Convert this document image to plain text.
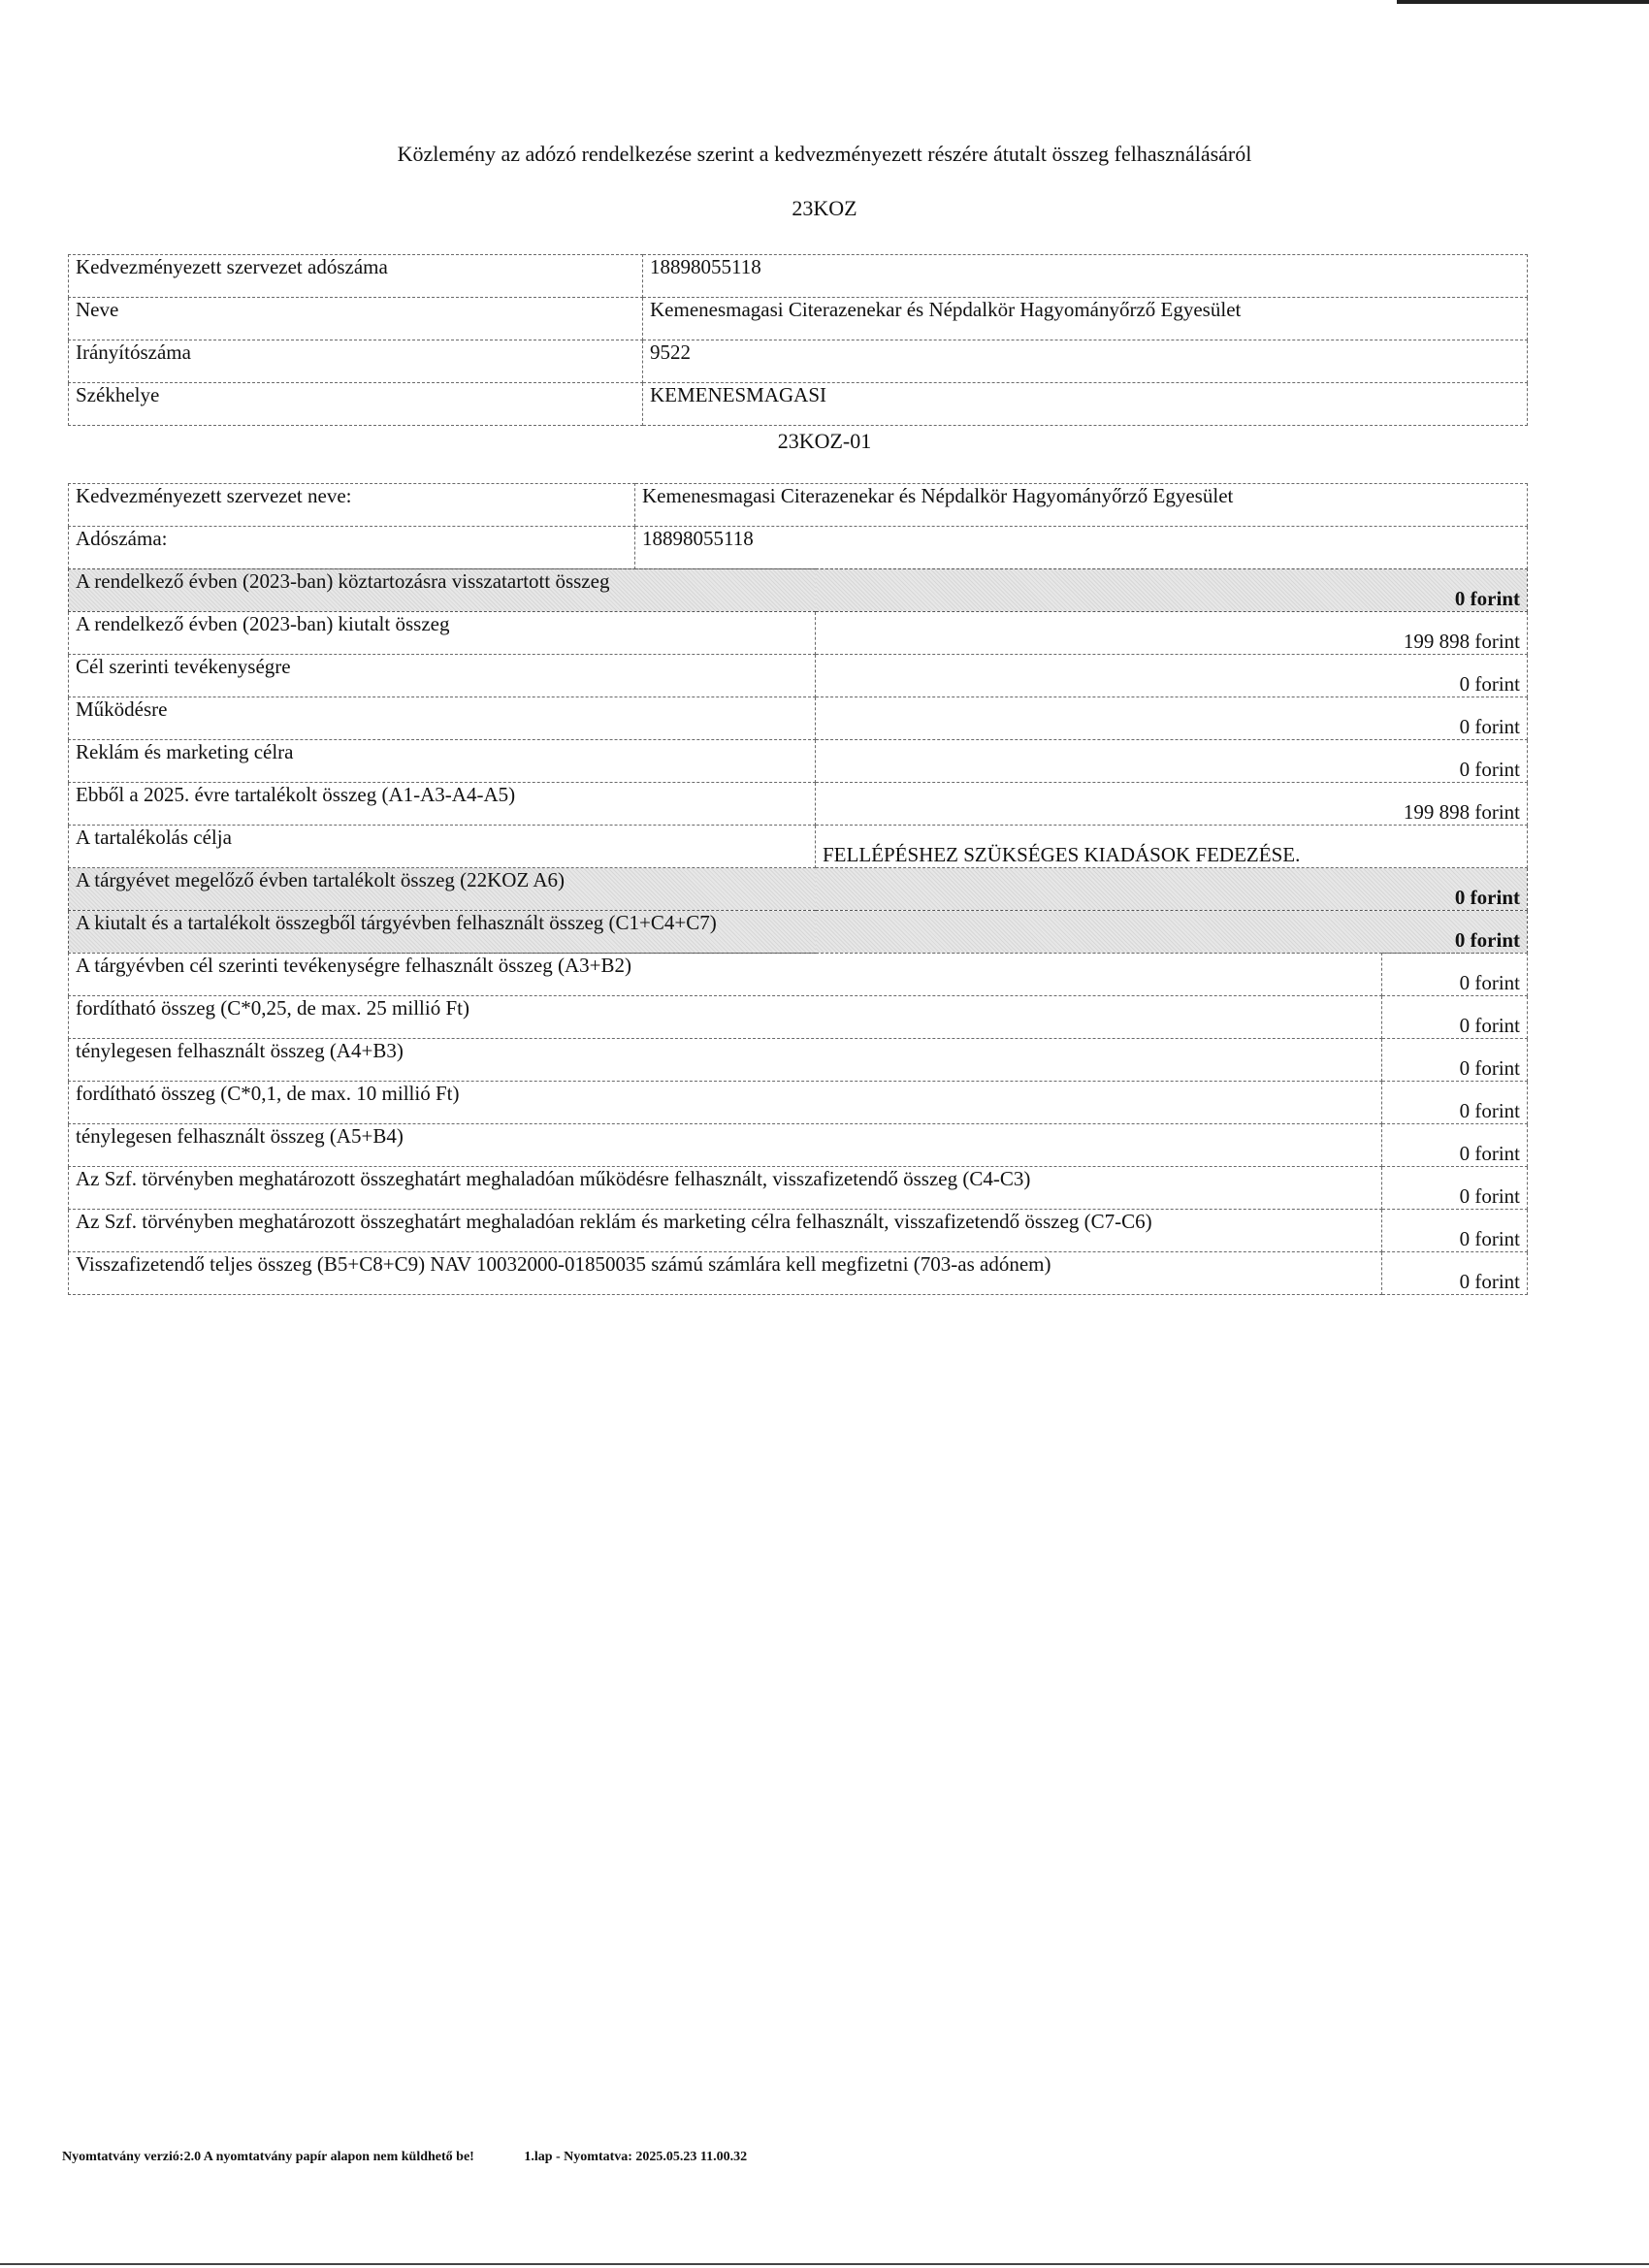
Közlemény az adózó rendelkezése szerint a kedvezményezett részére átutalt összeg felhasználásáról
23KOZ
Kedvezményezett szervezet adószáma	18898055118
Neve	Kemenesmagasi Citerazenekar és Népdalkör Hagyományőrző Egyesület
Irányítószáma	9522
Székhelye	KEMENESMAGASI
23KOZ-01
Kedvezményezett szervezet neve:	Kemenesmagasi Citerazenekar és Népdalkör Hagyományőrző Egyesület
Adószáma:	18898055118
A rendelkező évben (2023-ban) köztartozásra visszatartott összeg	0 forint
A rendelkező évben (2023-ban) kiutalt összeg	199 898 forint
Cél szerinti tevékenységre	0 forint
Működésre	0 forint
Reklám és marketing célra	0 forint
Ebből a 2025. évre tartalékolt összeg (A1-A3-A4-A5)	199 898 forint
A tartalékolás célja	FELLÉPÉSHEZ SZÜKSÉGES KIADÁSOK FEDEZÉSE.
A tárgyévet megelőző évben tartalékolt összeg (22KOZ A6)	0 forint
A kiutalt és a tartalékolt összegből tárgyévben felhasznált összeg (C1+C4+C7)	0 forint
A tárgyévben cél szerinti tevékenységre felhasznált összeg (A3+B2)	0 forint
fordítható összeg (C*0,25, de max. 25 millió Ft)	0 forint
ténylegesen felhasznált összeg (A4+B3)	0 forint
fordítható összeg (C*0,1, de max. 10 millió Ft)	0 forint
ténylegesen felhasznált összeg (A5+B4)	0 forint
Az Szf. törvényben meghatározott összeghatárt meghaladóan működésre felhasznált, visszafizetendő összeg (C4-C3)	0 forint
Az Szf. törvényben meghatározott összeghatárt meghaladóan reklám és marketing célra felhasznált, visszafizetendő összeg (C7-C6)	0 forint
Visszafizetendő teljes összeg (B5+C8+C9) NAV 10032000-01850035 számú számlára kell megfizetni (703-as adónem)	0 forint
Nyomtatvány verzió:2.0 A nyomtatvány papír alapon nem küldhető be!	1.lap - Nyomtatva: 2025.05.23 11.00.32
